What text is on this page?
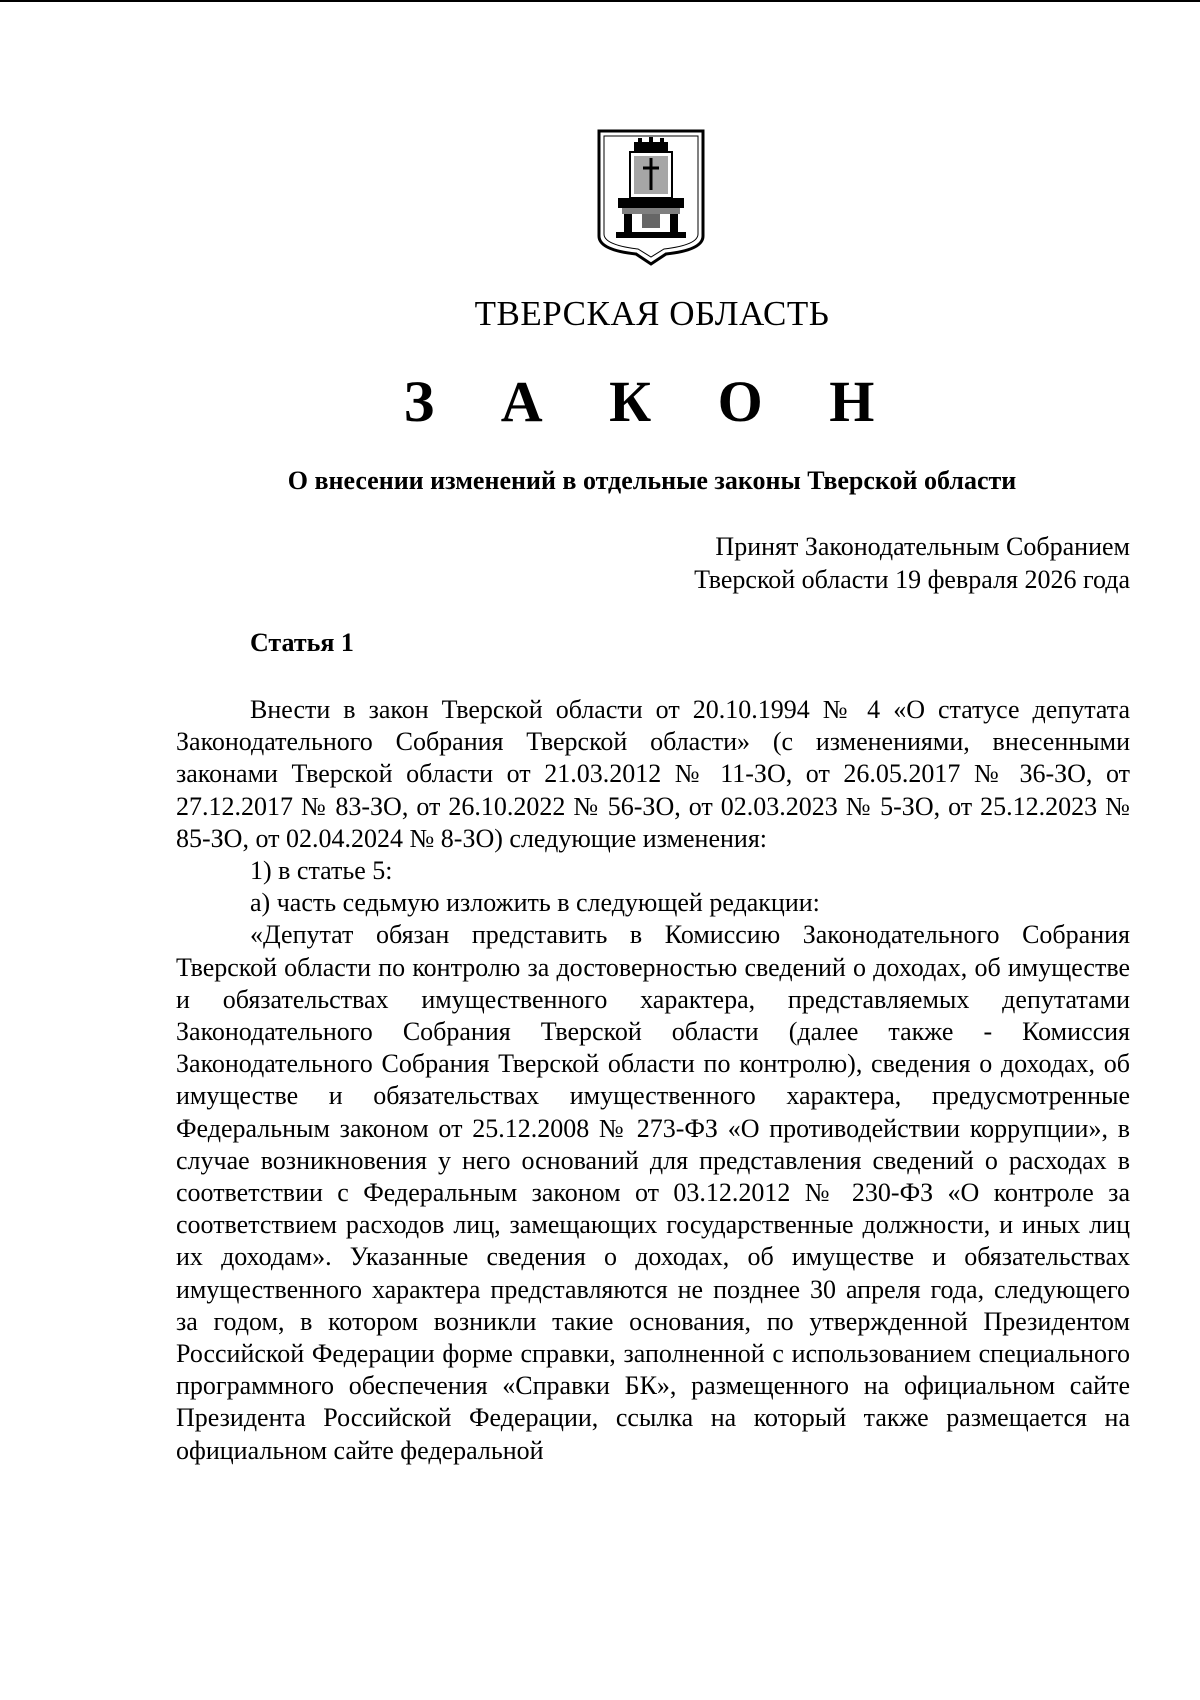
ТВЕРСКАЯ ОБЛАСТЬ
З А К О Н
О внесении изменений в отдельные законы Тверской области
Принят Законодательным Собранием
Тверской области 19 февраля 2026 года
Статья 1

Внести в закон Тверской области от 20.10.1994 № 4 «О статусе депутата Законодательного Собрания Тверской области» (с изменениями, внесенными законами Тверской области от 21.03.2012 № 11-ЗО, от 26.05.2017 № 36-ЗО, от 27.12.2017 № 83-ЗО, от 26.10.2022 № 56-ЗО, от 02.03.2023 № 5-ЗО, от 25.12.2023 № 85-ЗО, от 02.04.2024 № 8-ЗО) следующие изменения:

1) в статье 5:

а) часть седьмую изложить в следующей редакции:

«Депутат обязан представить в Комиссию Законодательного Собрания Тверской области по контролю за достоверностью сведений о доходах, об имуществе и обязательствах имущественного характера, представляемых депутатами Законодательного Собрания Тверской области (далее также - Комиссия Законодательного Собрания Тверской области по контролю), сведения о доходах, об имуществе и обязательствах имущественного характера, предусмотренные Федеральным законом от 25.12.2008 № 273-ФЗ «О противодействии коррупции», в случае возникновения у него оснований для представления сведений о расходах в соответствии с Федеральным законом от 03.12.2012 № 230-ФЗ «О контроле за соответствием расходов лиц, замещающих государственные должности, и иных лиц их доходам». Указанные сведения о доходах, об имуществе и обязательствах имущественного характера представляются не позднее 30 апреля года, следующего за годом, в котором возникли такие основания, по утвержденной Президентом Российской Федерации форме справки, заполненной с использованием специального программного обеспечения «Справки БК», размещенного на официальном сайте Президента Российской Федерации, ссылка на который также размещается на официальном сайте федеральной
